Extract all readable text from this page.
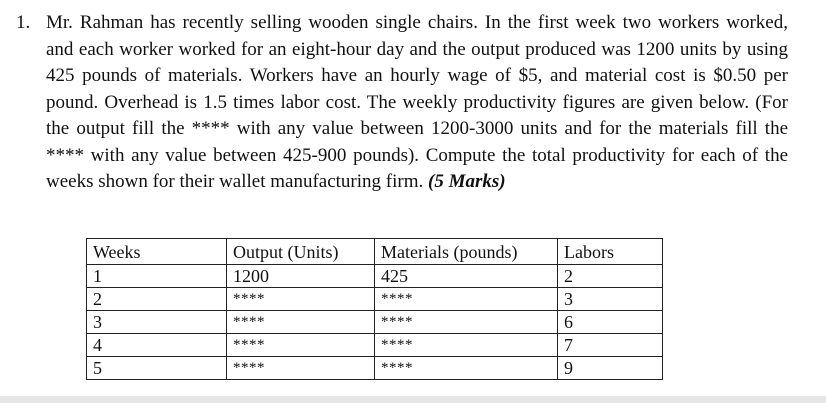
1. Mr. Rahman has recently selling wooden single chairs. In the first week two workers worked, and each worker worked for an eight-hour day and the output produced was 1200 units by using 425 pounds of materials. Workers have an hourly wage of $5, and material cost is $0.50 per pound. Overhead is 1.5 times labor cost. The weekly productivity figures are given below. (For the output fill the **** with any value between 1200-3000 units and for the materials fill the **** with any value between 425-900 pounds). Compute the total productivity for each of the weeks shown for their wallet manufacturing firm. (5 Marks)
Weeks	Output (Units)	Materials (pounds)	Labors
1	1200	425	2
2	****	****	3
3	****	****	6
4	****	****	7
5	****	****	9
